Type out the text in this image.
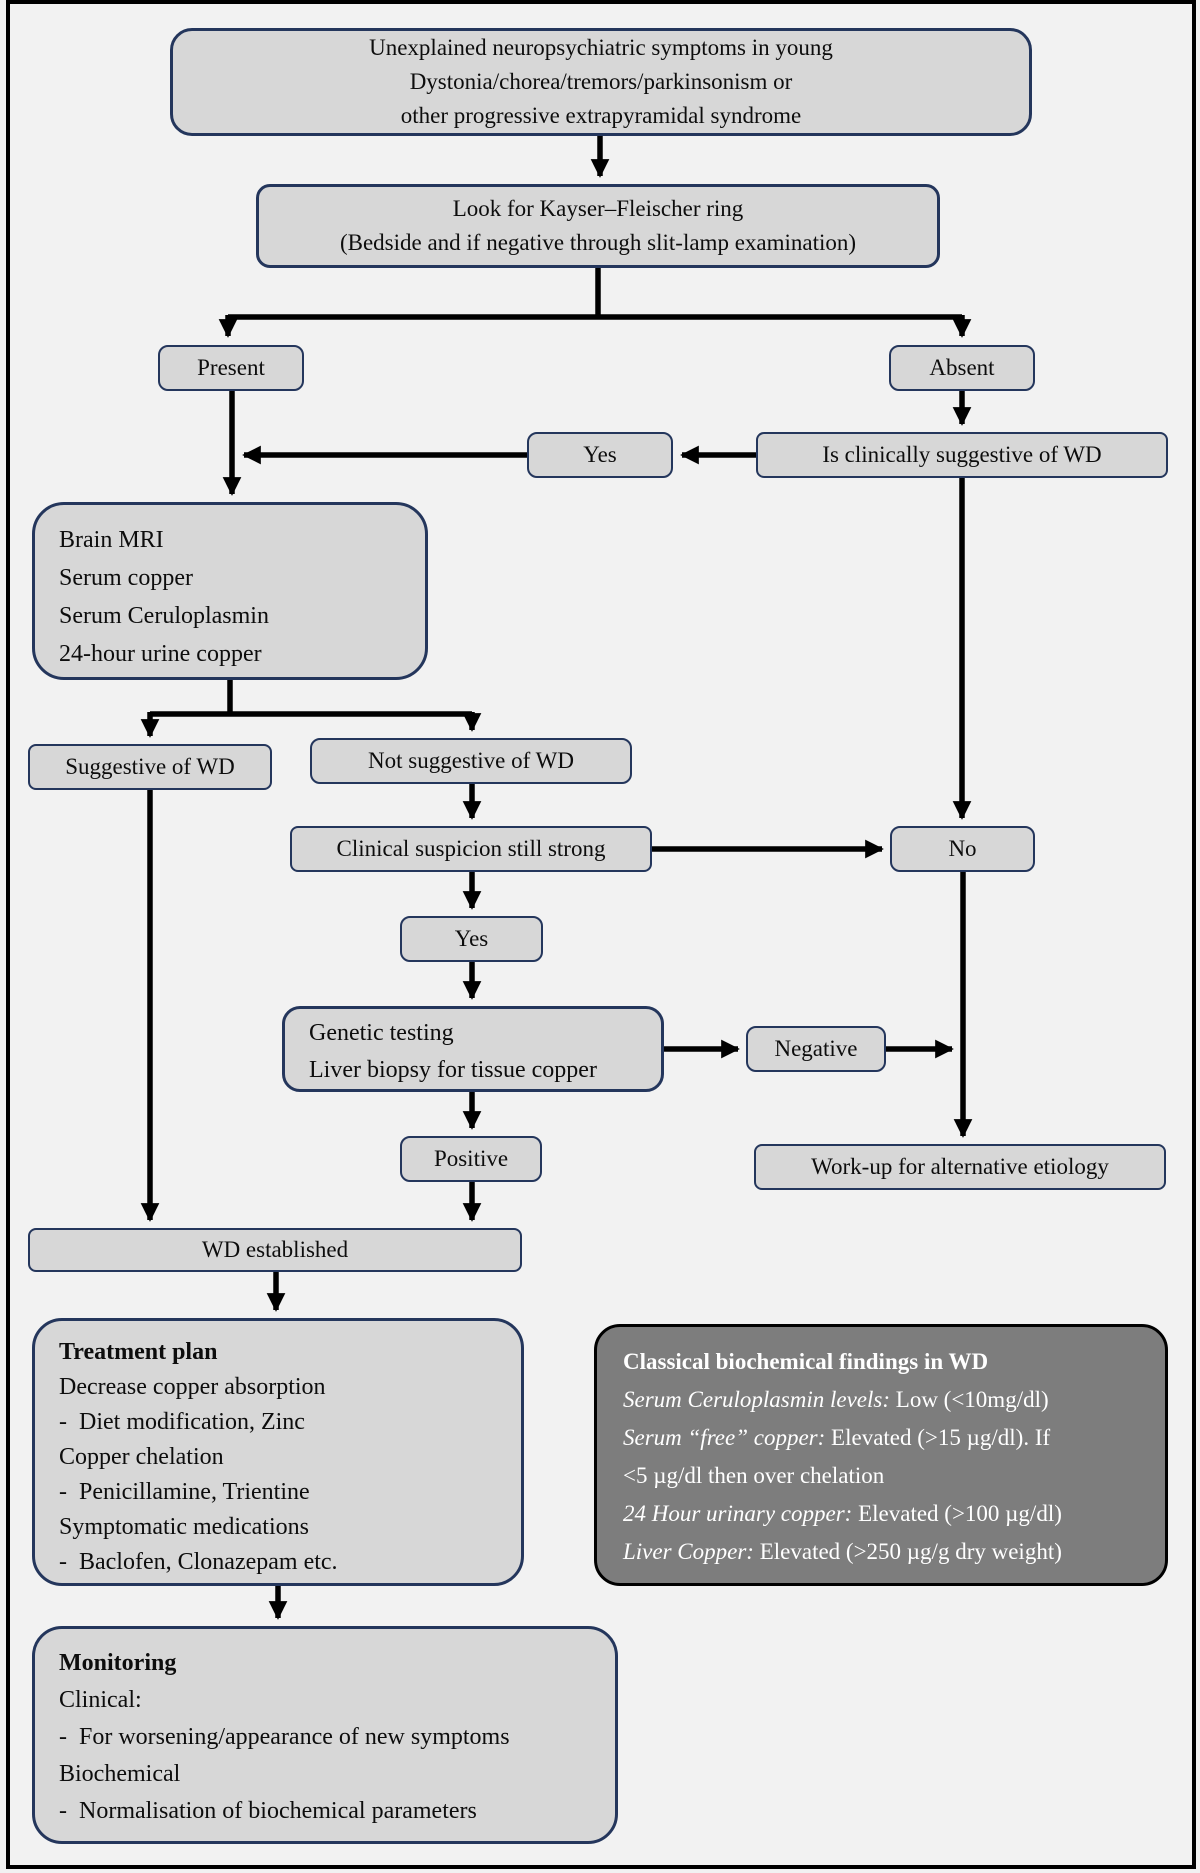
Unexplained neuropsychiatric symptoms in young
Dystonia/chorea/tremors/parkinsonism or
other progressive extrapyramidal syndrome
Look for Kayser–Fleischer ring
(Bedside and if negative through slit-lamp examination)
Present	Absent
Yes	Is clinically suggestive of WD
Brain MRI
Serum copper
Serum Ceruloplasmin
24-hour urine copper
Suggestive of WD	Not suggestive of WD
Clinical suspicion still strong	No
Yes
Genetic testing
Liver biopsy for tissue copper
Negative
Positive	Work-up for alternative etiology
WD established
Treatment plan
Decrease copper absorption
-  Diet modification, Zinc
Copper chelation
-  Penicillamine, Trientine
Symptomatic medications
-  Baclofen, Clonazepam etc.
Classical biochemical findings in WD
Serum Ceruloplasmin levels: Low (<10mg/dl)
Serum “free” copper: Elevated (>15 µg/dl). If
<5 µg/dl then over chelation
24 Hour urinary copper: Elevated (>100 µg/dl)
Liver Copper: Elevated (>250 µg/g dry weight)
Monitoring
Clinical:
-  For worsening/appearance of new symptoms
Biochemical
-  Normalisation of biochemical parameters
